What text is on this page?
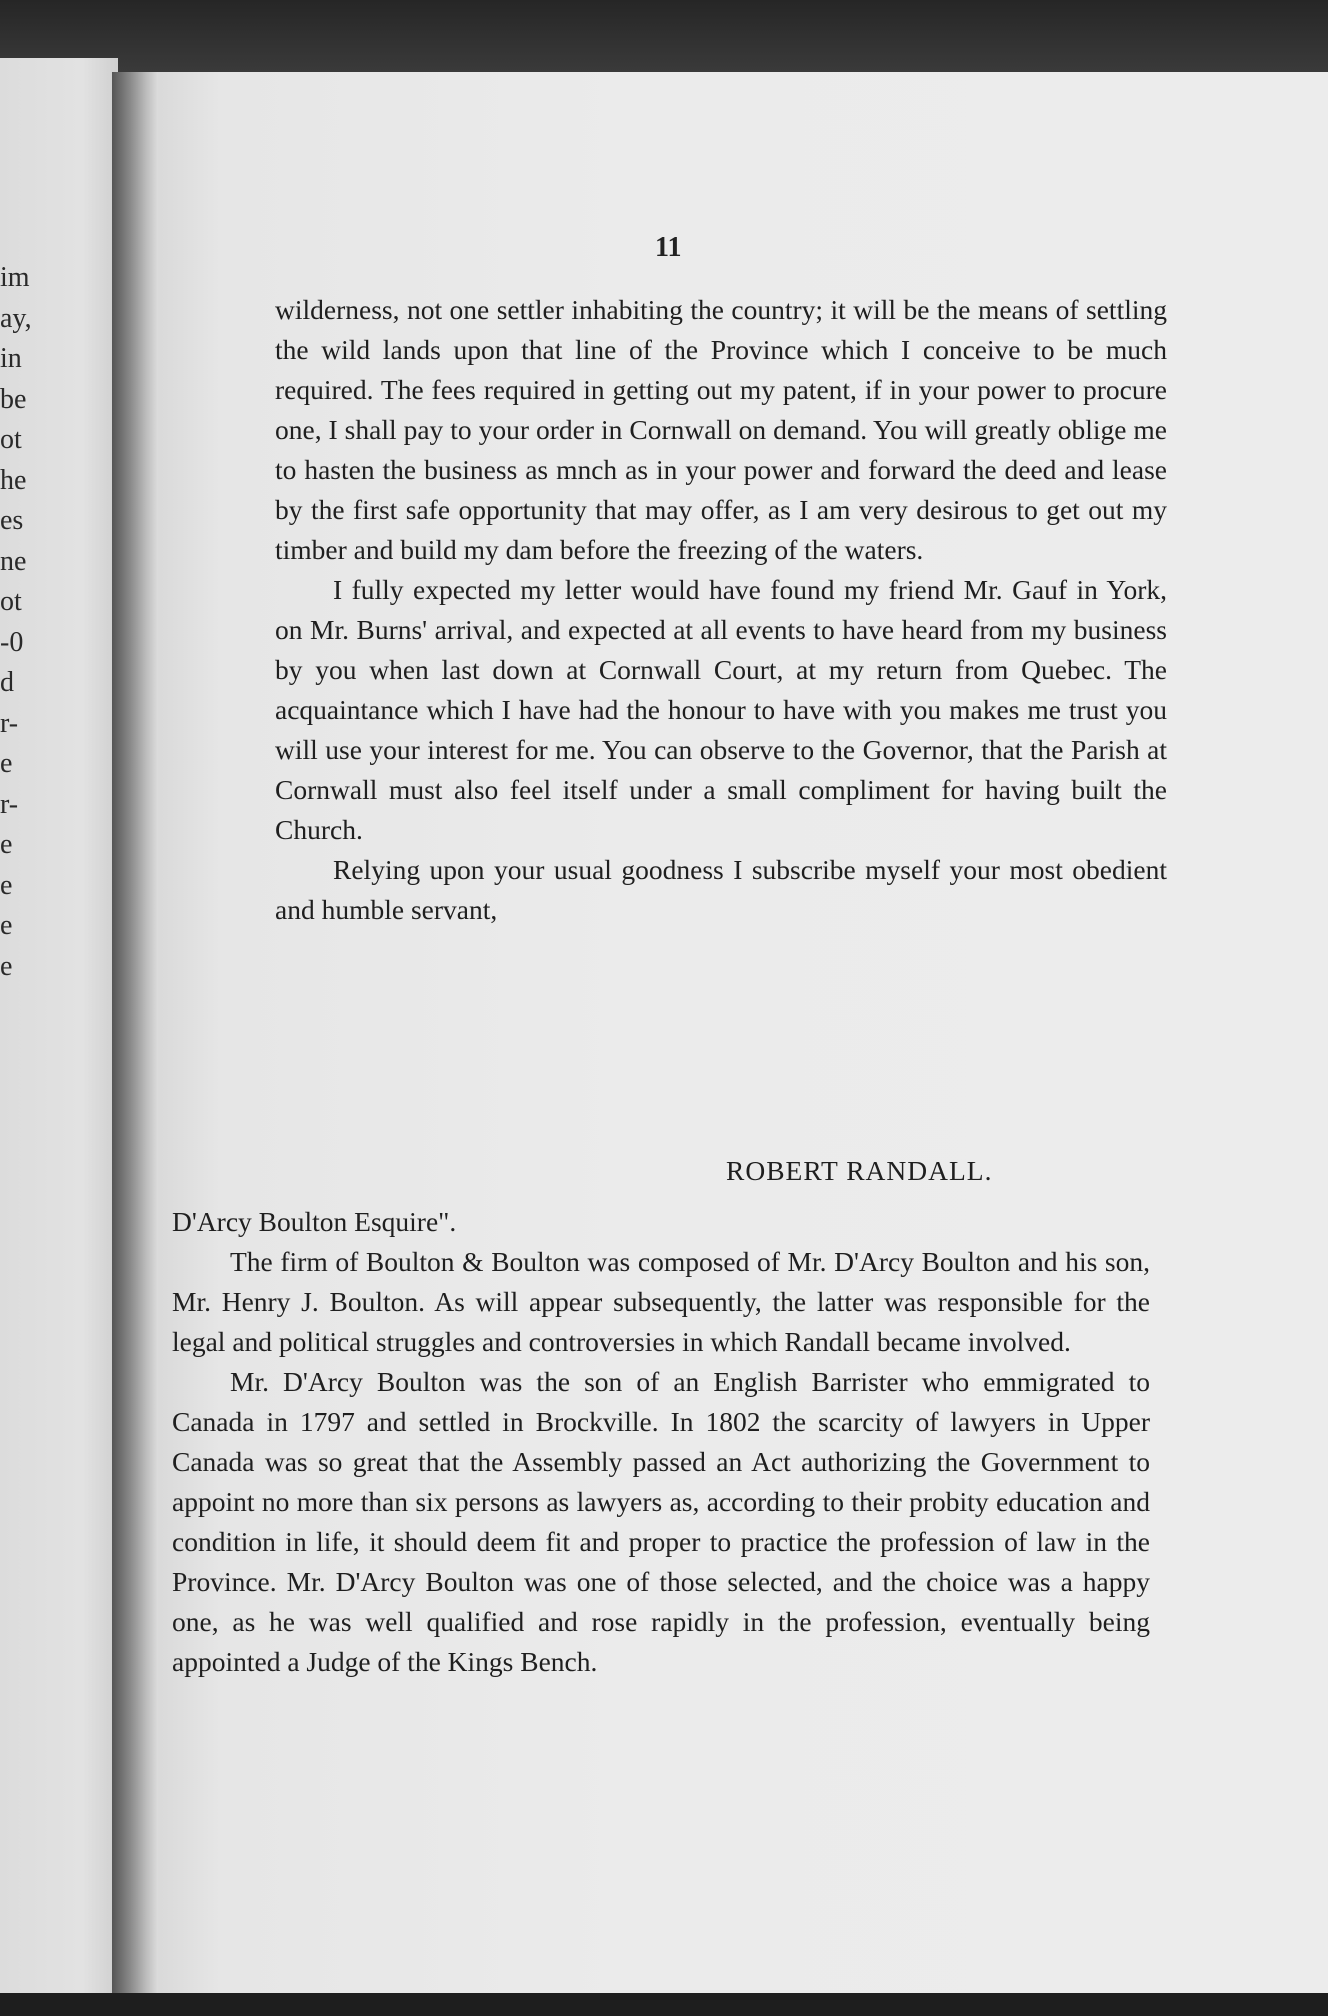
im
ay,
in
be
ot
he
es
ne
ot
-0
d
r-
e
r-
e
e
e
e
11

wilderness, not one settler inhabiting the country; it will be the means of settling the wild lands upon that line of the Province which I conceive to be much required. The fees required in getting out my patent, if in your power to procure one, I shall pay to your order in Cornwall on demand. You will greatly oblige me to hasten the business as mnch as in your power and forward the deed and lease by the first safe opportunity that may offer, as I am very desirous to get out my timber and build my dam before the freezing of the waters.

I fully expected my letter would have found my friend Mr. Gauf in York, on Mr. Burns' arrival, and expected at all events to have heard from my business by you when last down at Cornwall Court, at my return from Quebec. The acquaintance which I have had the honour to have with you makes me trust you will use your interest for me. You can observe to the Governor, that the Parish at Cornwall must also feel itself under a small compliment for having built the Church.

Relying upon your usual goodness I subscribe myself your most obedient and humble servant,

ROBERT RANDALL.

D'Arcy Boulton Esquire".

The firm of Boulton & Boulton was composed of Mr. D'Arcy Boulton and his son, Mr. Henry J. Boulton. As will appear subsequently, the latter was responsible for the legal and political struggles and controversies in which Randall became involved.

Mr. D'Arcy Boulton was the son of an English Barrister who emmigrated to Canada in 1797 and settled in Brockville. In 1802 the scarcity of lawyers in Upper Canada was so great that the Assembly passed an Act authorizing the Government to appoint no more than six persons as lawyers as, according to their probity education and condition in life, it should deem fit and proper to practice the profession of law in the Province. Mr. D'Arcy Boulton was one of those selected, and the choice was a happy one, as he was well qualified and rose rapidly in the profession, eventually being appointed a Judge of the Kings Bench.
